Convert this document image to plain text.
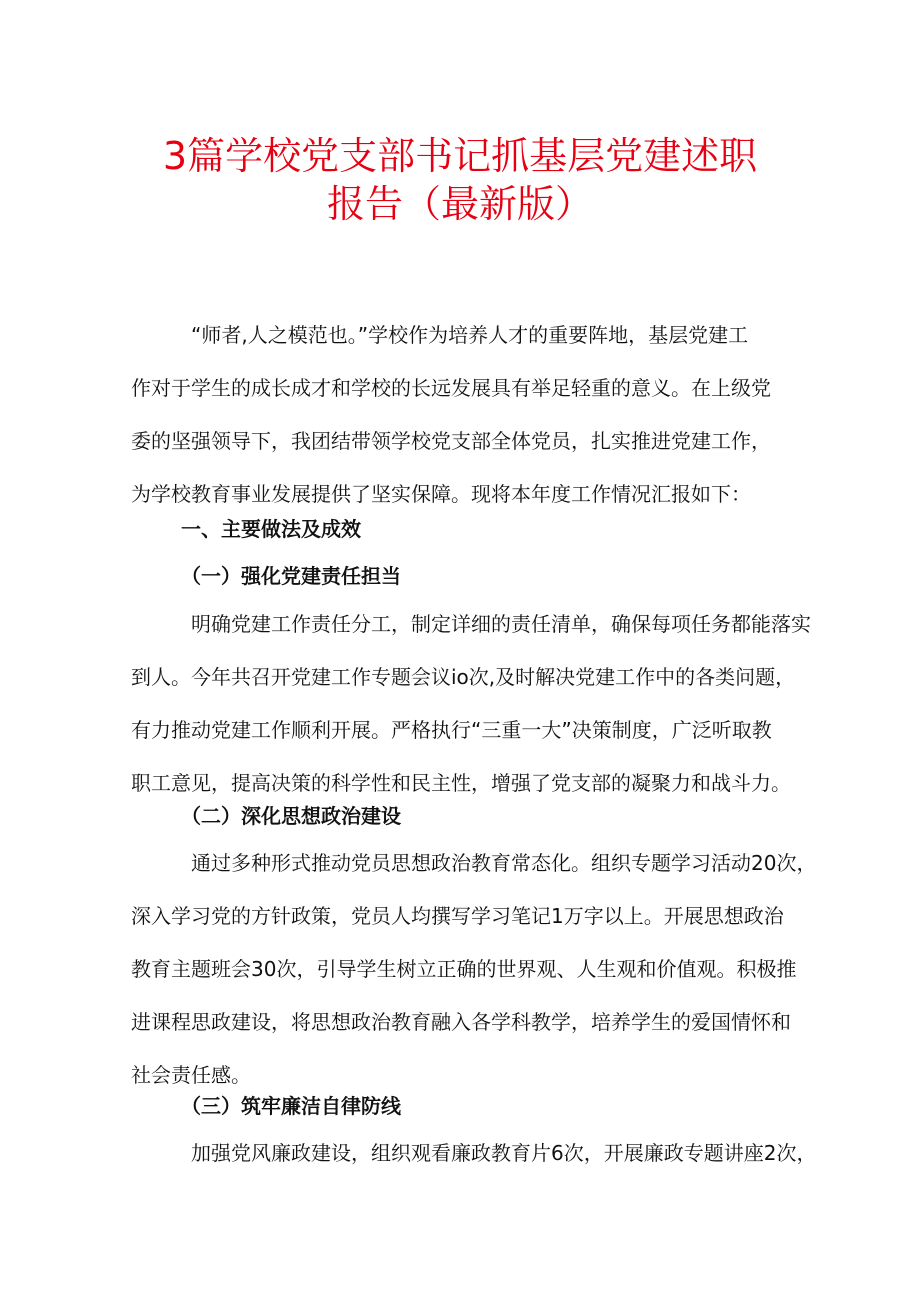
3篇学校党支部书记抓基层党建述职
报告（最新版）
“师者,人之模范也。”学校作为培养人才的重要阵地，基层党建工
作对于学生的成长成才和学校的长远发展具有举足轻重的意义。在上级党
委的坚强领导下，我团结带领学校党支部全体党员，扎实推进党建工作，
为学校教育事业发展提供了坚实保障。现将本年度工作情况汇报如下：
一、主要做法及成效
（一）强化党建责任担当
明确党建工作责任分工，制定详细的责任清单，确保每项任务都能落实
到人。今年共召开党建工作专题会议io次,及时解决党建工作中的各类问题，
有力推动党建工作顺利开展。严格执行“三重一大”决策制度，广泛听取教
职工意见，提高决策的科学性和民主性，增强了党支部的凝聚力和战斗力。
（二）深化思想政治建设
通过多种形式推动党员思想政治教育常态化。组织专题学习活动20次，
深入学习党的方针政策，党员人均撰写学习笔记1万字以上。开展思想政治
教育主题班会30次，引导学生树立正确的世界观、人生观和价值观。积极推
进课程思政建设，将思想政治教育融入各学科教学，培养学生的爱国情怀和
社会责任感。
（三）筑牢廉洁自律防线
加强党风廉政建设，组织观看廉政教育片6次，开展廉政专题讲座2次，
